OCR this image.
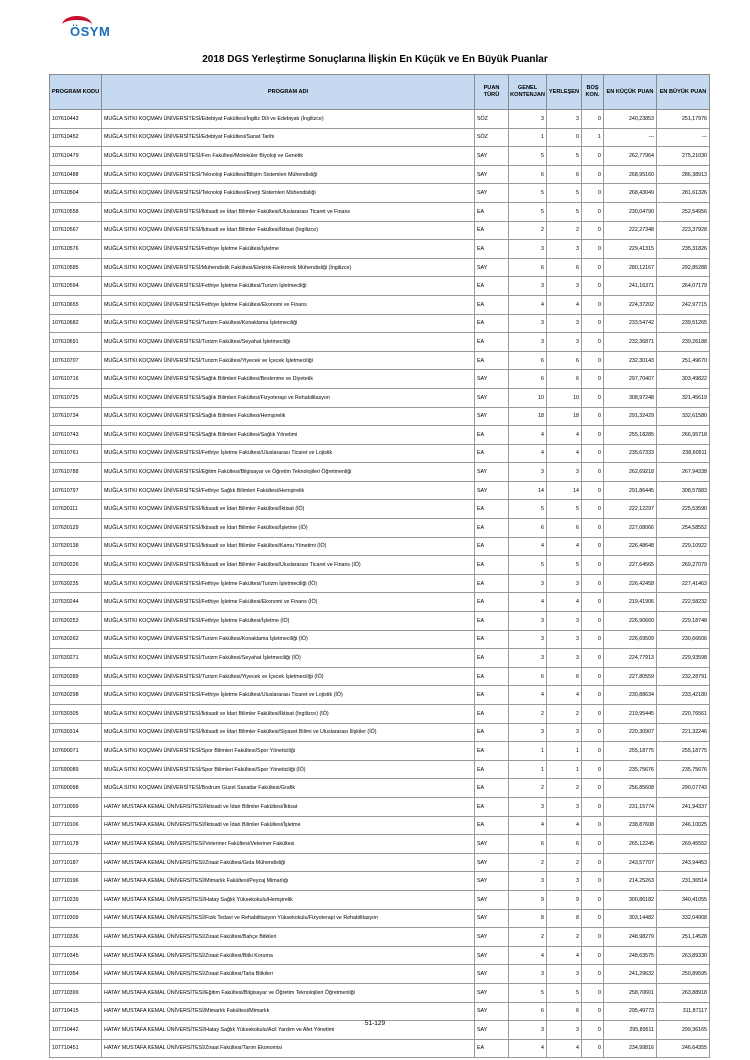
ÖSYM
2018 DGS Yerleştirme Sonuçlarına İlişkin En Küçük ve En Büyük Puanlar
PROGRAM KODU	PROGRAM ADI	PUAN TÜRÜ	GENEL KONTENJAN	YERLEŞEN	BOŞ KON.	EN KÜÇÜK PUAN	EN BÜYÜK PUAN
107610443	MUĞLA SITKI KOÇMAN ÜNİVERSİTESİ/Edebiyat Fakültesi/İngiliz Dili ve Edebiyatı (İngilizce)	SÖZ	3	3	0	240,23853	251,17976
107610452	MUĞLA SITKI KOÇMAN ÜNİVERSİTESİ/Edebiyat Fakültesi/Sanat Tarihi	SÖZ	1	0	1	---	---
107610479	MUĞLA SITKI KOÇMAN ÜNİVERSİTESİ/Fen Fakültesi/Moleküler Biyoloji ve Genetik	SAY	5	5	0	262,77964	275,21030
107610488	MUĞLA SITKI KOÇMAN ÜNİVERSİTESİ/Teknoloji Fakültesi/Bilişim Sistemleri Mühendisliği	SAY	6	6	0	268,95160	286,38913
107610504	MUĞLA SITKI KOÇMAN ÜNİVERSİTESİ/Teknoloji Fakültesi/Enerji Sistemleri Mühendisliği	SAY	5	5	0	268,43049	281,61326
107610558	MUĞLA SITKI KOÇMAN ÜNİVERSİTESİ/İktisadi ve İdari Bilimler Fakültesi/Uluslararası Ticaret ve Finans	EA	5	5	0	230,04790	252,54956
107610567	MUĞLA SITKI KOÇMAN ÜNİVERSİTESİ/İktisadi ve İdari Bilimler Fakültesi/İktisat (İngilizce)	EA	2	2	0	222,27348	223,37928
107610576	MUĞLA SITKI KOÇMAN ÜNİVERSİTESİ/Fethiye İşletme Fakültesi/İşletme	EA	3	3	0	229,41315	235,31826
107610585	MUĞLA SITKI KOÇMAN ÜNİVERSİTESİ/Mühendislik Fakültesi/Elektrik-Elektronik Mühendisliği (İngilizce)	SAY	6	6	0	280,12167	292,85288
107610594	MUĞLA SITKI KOÇMAN ÜNİVERSİTESİ/Fethiye İşletme Fakültesi/Turizm İşletmeciliği	EA	3	3	0	241,16371	264,07179
107610655	MUĞLA SITKI KOÇMAN ÜNİVERSİTESİ/Fethiye İşletme Fakültesi/Ekonomi ve Finans	EA	4	4	0	224,37202	242,97715
107610682	MUĞLA SITKI KOÇMAN ÜNİVERSİTESİ/Turizm Fakültesi/Konaklama İşletmeciliği	EA	3	3	0	233,54742	239,51265
107610691	MUĞLA SITKI KOÇMAN ÜNİVERSİTESİ/Turizm Fakültesi/Seyahat İşletmeciliği	EA	3	3	0	232,36871	239,26188
107610707	MUĞLA SITKI KOÇMAN ÜNİVERSİTESİ/Turizm Fakültesi/Yiyecek ve İçecek İşletmeciliği	EA	6	6	0	232,30143	251,49670
107610716	MUĞLA SITKI KOÇMAN ÜNİVERSİTESİ/Sağlık Bilimleri Fakültesi/Beslenme ve Diyetetik	SAY	6	6	0	297,70407	303,49822
107610725	MUĞLA SITKI KOÇMAN ÜNİVERSİTESİ/Sağlık Bilimleri Fakültesi/Fizyoterapi ve Rehabilitasyon	SAY	10	10	0	308,97248	321,45619
107610734	MUĞLA SITKI KOÇMAN ÜNİVERSİTESİ/Sağlık Bilimleri Fakültesi/Hemşirelik	SAY	18	18	0	291,32429	332,61580
107610743	MUĞLA SITKI KOÇMAN ÜNİVERSİTESİ/Sağlık Bilimleri Fakültesi/Sağlık Yönetimi	EA	4	4	0	255,18285	266,95718
107610761	MUĞLA SITKI KOÇMAN ÜNİVERSİTESİ/Fethiye İşletme Fakültesi/Uluslararası Ticaret ve Lojistik	EA	4	4	0	235,67333	238,60511
107610788	MUĞLA SITKI KOÇMAN ÜNİVERSİTESİ/Eğitim Fakültesi/Bilgisayar ve Öğretim Teknolojileri Öğretmenliği	SAY	3	3	0	262,69218	267,94338
107610797	MUĞLA SITKI KOÇMAN ÜNİVERSİTESİ/Fethiye Sağlık Bilimleri Fakültesi/Hemşirelik	SAY	14	14	0	291,86445	308,57883
107630111	MUĞLA SITKI KOÇMAN ÜNİVERSİTESİ/İktisadi ve İdari Bilimler Fakültesi/İktisat (İÖ)	EA	5	5	0	222,12297	225,53590
107630129	MUĞLA SITKI KOÇMAN ÜNİVERSİTESİ/İktisadi ve İdari Bilimler Fakültesi/İşletme (İÖ)	EA	6	6	0	227,08066	254,58552
107630138	MUĞLA SITKI KOÇMAN ÜNİVERSİTESİ/İktisadi ve İdari Bilimler Fakültesi/Kamu Yönetimi (İÖ)	EA	4	4	0	226,48648	229,10922
107630226	MUĞLA SITKI KOÇMAN ÜNİVERSİTESİ/İktisadi ve İdari Bilimler Fakültesi/Uluslararası Ticaret ve Finans (İÖ)	EA	5	5	0	227,64565	269,27079
107630235	MUĞLA SITKI KOÇMAN ÜNİVERSİTESİ/Fethiye İşletme Fakültesi/Turizm İşletmeciliği (İÖ)	EA	3	3	0	226,42458	227,41463
107630244	MUĞLA SITKI KOÇMAN ÜNİVERSİTESİ/Fethiye İşletme Fakültesi/Ekonomi ve Finans (İÖ)	EA	4	4	0	219,41906	222,58232
107630253	MUĞLA SITKI KOÇMAN ÜNİVERSİTESİ/Fethiye İşletme Fakültesi/İşletme (İÖ)	EA	3	3	0	226,90660	229,18748
107630262	MUĞLA SITKI KOÇMAN ÜNİVERSİTESİ/Turizm Fakültesi/Konaklama İşletmeciliği (İÖ)	EA	3	3	0	226,69509	230,66606
107630271	MUĞLA SITKI KOÇMAN ÜNİVERSİTESİ/Turizm Fakültesi/Seyahat İşletmeciliği (İÖ)	EA	3	3	0	224,77913	229,93598
107630289	MUĞLA SITKI KOÇMAN ÜNİVERSİTESİ/Turizm Fakültesi/Yiyecek ve İçecek İşletmeciliği (İÖ)	EA	6	6	0	227,80559	232,28791
107630298	MUĞLA SITKI KOÇMAN ÜNİVERSİTESİ/Fethiye İşletme Fakültesi/Uluslararası Ticaret ve Lojistik (İÖ)	EA	4	4	0	230,88634	233,42180
107630305	MUĞLA SITKI KOÇMAN ÜNİVERSİTESİ/İktisadi ve İdari Bilimler Fakültesi/İktisat (İngilizce) (İÖ)	EA	2	2	0	219,95445	220,76561
107630314	MUĞLA SITKI KOÇMAN ÜNİVERSİTESİ/İktisadi ve İdari Bilimler Fakültesi/Siyaset Bilimi ve Uluslararası İlişkiler (İÖ)	EA	3	3	0	220,30907	221,32246
107690071	MUĞLA SITKI KOÇMAN ÜNİVERSİTESİ/Spor Bilimleri Fakültesi/Spor Yöneticiliği	EA	1	1	0	255,18775	255,18775
107690089	MUĞLA SITKI KOÇMAN ÜNİVERSİTESİ/Spor Bilimleri Fakültesi/Spor Yöneticiliği (İÖ)	EA	1	1	0	235,75676	235,75676
107690098	MUĞLA SITKI KOÇMAN ÜNİVERSİTESİ/Bodrum Güzel Sanatlar Fakültesi/Grafik	EA	2	2	0	256,85608	290,07743
107710099	HATAY MUSTAFA KEMAL ÜNİVERSİTESİ/İktisadi ve İdari Bilimler Fakültesi/İktisat	EA	3	3	0	231,15774	241,94337
107710106	HATAY MUSTAFA KEMAL ÜNİVERSİTESİ/İktisadi ve İdari Bilimler Fakültesi/İşletme	EA	4	4	0	238,87608	246,10025
107710178	HATAY MUSTAFA KEMAL ÜNİVERSİTESİ/Veteriner Fakültesi/Veteriner Fakültesi	SAY	6	6	0	265,12245	269,45552
107710187	HATAY MUSTAFA KEMAL ÜNİVERSİTESİ/Ziraat Fakültesi/Gıda Mühendisliği	SAY	2	2	0	243,57707	243,94453
107710196	HATAY MUSTAFA KEMAL ÜNİVERSİTESİ/Mimarlık Fakültesi/Peyzaj Mimarlığı	SAY	3	3	0	214,25263	231,36514
107710239	HATAY MUSTAFA KEMAL ÜNİVERSİTESİ/Hatay Sağlık Yüksekokulu/Hemşirelik	SAY	9	9	0	300,86182	340,41055
107710309	HATAY MUSTAFA KEMAL ÜNİVERSİTESİ/Fizik Tedavi ve Rehabilitasyon Yüksekokulu/Fizyoterapi ve Rehabilitasyon	SAY	8	8	0	303,14482	332,04908
107710336	HATAY MUSTAFA KEMAL ÜNİVERSİTESİ/Ziraat Fakültesi/Bahçe Bitkileri	SAY	2	2	0	248,98279	251,14528
107710345	HATAY MUSTAFA KEMAL ÜNİVERSİTESİ/Ziraat Fakültesi/Bitki Koruma	SAY	4	4	0	248,63575	263,89330
107710354	HATAY MUSTAFA KEMAL ÜNİVERSİTESİ/Ziraat Fakültesi/Tarla Bitkileri	SAY	3	3	0	241,29632	250,89595
107710399	HATAY MUSTAFA KEMAL ÜNİVERSİTESİ/Eğitim Fakültesi/Bilgisayar ve Öğretim Teknolojileri Öğretmenliği	SAY	5	5	0	258,70601	263,88918
107710415	HATAY MUSTAFA KEMAL ÜNİVERSİTESİ/Mimarlık Fakültesi/Mimarlık	SAY	6	6	0	295,49773	311,87117
107710442	HATAY MUSTAFA KEMAL ÜNİVERSİTESİ/Hatay Sağlık Yüksekokulu/Acil Yardım ve Afet Yönetimi	SAY	3	3	0	295,89511	299,36165
107710451	HATAY MUSTAFA KEMAL ÜNİVERSİTESİ/Ziraat Fakültesi/Tarım Ekonomisi	EA	4	4	0	234,99816	246,64355
51-129
